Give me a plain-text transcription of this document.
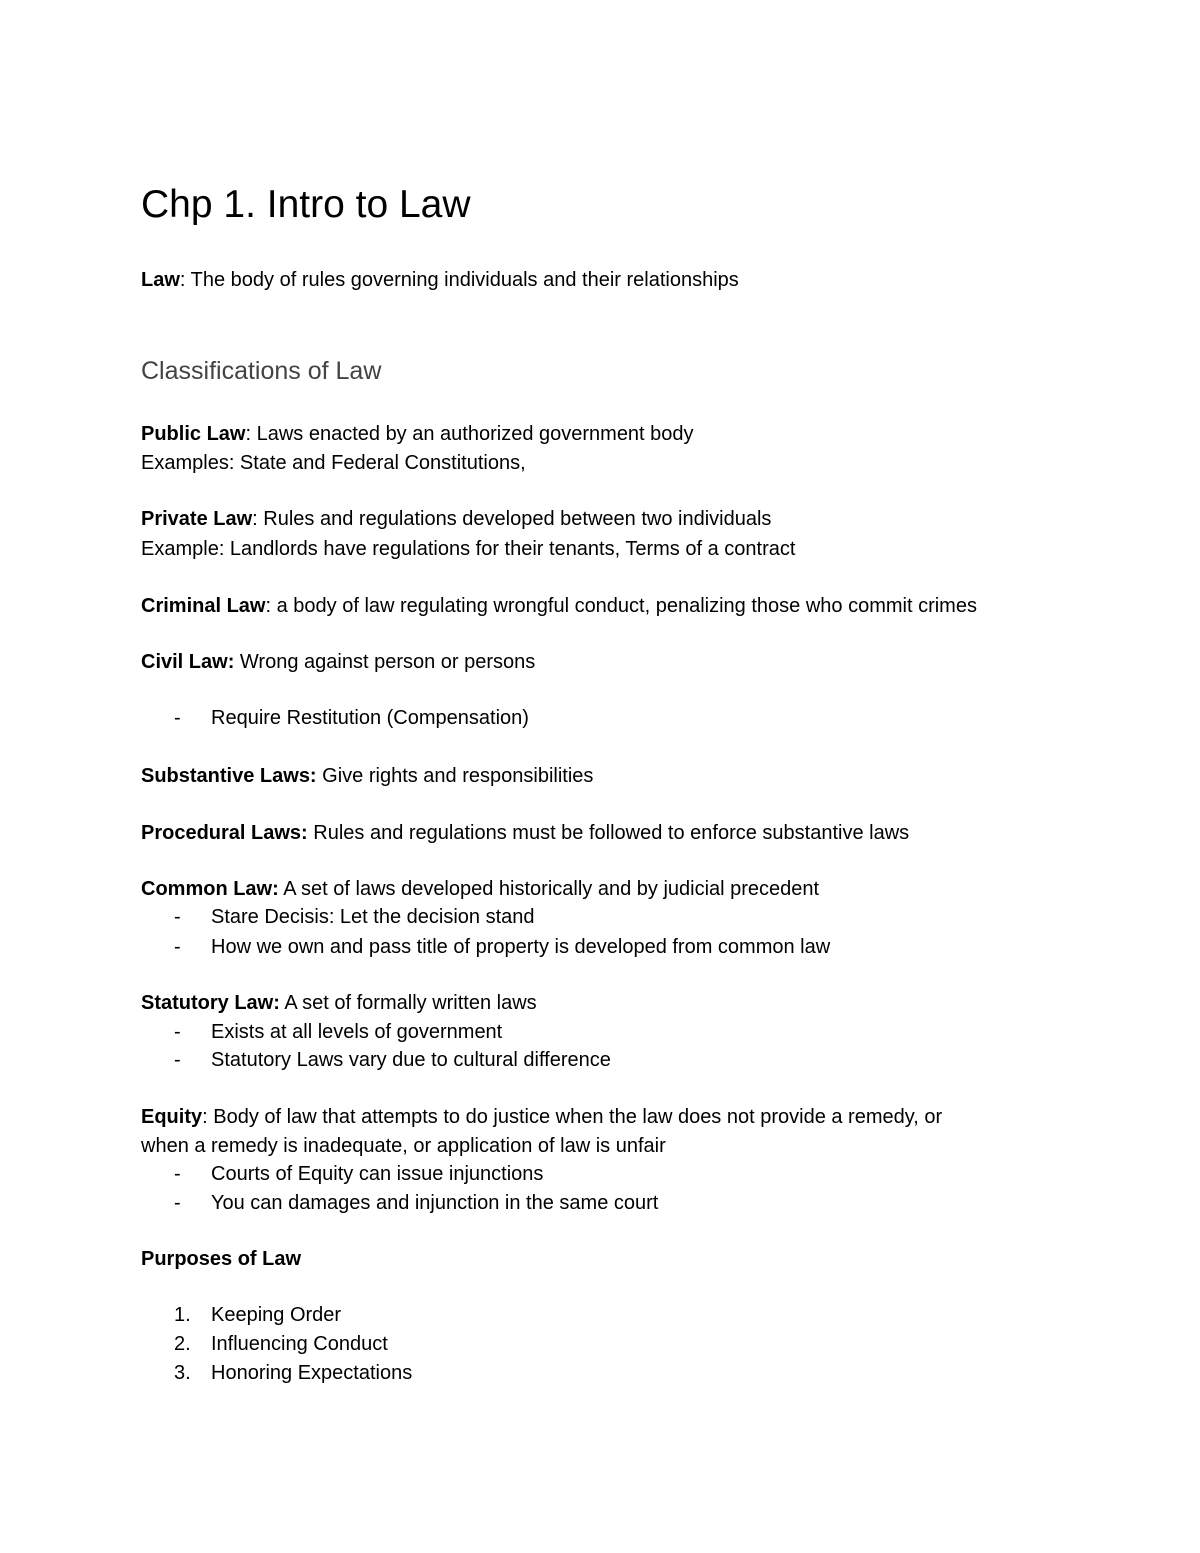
Chp 1. Intro to Law

Law: The body of rules governing individuals and their relationships

Classifications of Law

Public Law: Laws enacted by an authorized government body

Examples: State and Federal Constitutions,

Private Law: Rules and regulations developed between two individuals

Example: Landlords have regulations for their tenants, Terms of a contract

Criminal Law: a body of law regulating wrongful conduct, penalizing those who commit crimes

Civil Law: Wrong against person or persons

- Require Restitution (Compensation)

Substantive Laws: Give rights and responsibilities

Procedural Laws: Rules and regulations must be followed to enforce substantive laws

Common Law: A set of laws developed historically and by judicial precedent

- Stare Decisis: Let the decision stand
- How we own and pass title of property is developed from common law

Statutory Law: A set of formally written laws

- Exists at all levels of government
- Statutory Laws vary due to cultural difference

Equity: Body of law that attempts to do justice when the law does not provide a remedy, or

when a remedy is inadequate, or application of law is unfair

- Courts of Equity can issue injunctions
- You can damages and injunction in the same court

Purposes of Law

1. Keeping Order
2. Influencing Conduct
3. Honoring Expectations
